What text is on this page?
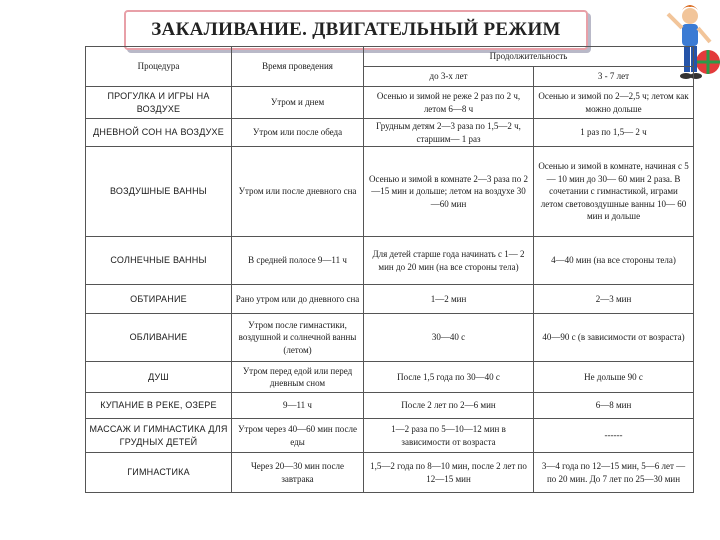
ЗАКАЛИВАНИЕ. ДВИГАТЕЛЬНЫЙ РЕЖИМ
Процедура	Время проведения	Продолжительность	
		до 3-х лет	3 - 7 лет
ПРОГУЛКА И ИГРЫ НА ВОЗДУХЕ	Утром и днем	Осенью и зимой не реже 2 раз по 2 ч, летом 6—8 ч	Осенью и зимой по 2—2,5 ч; летом как можно дольше
ДНЕВНОЙ СОН НА ВОЗДУХЕ	Утром или после обеда	Грудным детям 2—3 раза по 1,5—2 ч, старшим— 1 раз	1 раз по 1,5— 2 ч
ВОЗДУШНЫЕ ВАННЫ	Утром или после дневного сна	Осенью и зимой в комнате 2—3 раза по 2—15 мин и дольше; летом на воздухе 30—60 мин	Осенью и зимой в комнате, начиная с 5— 10 мин до 30— 60 мин 2 раза. В сочетании с гимнастикой, играми летом световоздушные ванны 10— 60 мин и дольше
СОЛНЕЧНЫЕ ВАННЫ	В средней полосе 9—11 ч	Для детей старше года начинать с 1— 2 мин до 20 мин (на все стороны тела)	4—40 мин (на все стороны тела)
ОБТИРАНИЕ	Рано утром или до дневного сна	1—2 мин	2—3 мин
ОБЛИВАНИЕ	Утром после гимнастики, воздушной и солнечной ванны (летом)	30—40 с	40—90 с (в зависимости от возраста)
ДУШ	Утром перед едой или перед дневным сном	После 1,5 года по 30—40 с	Не дольше 90 с
КУПАНИЕ В РЕКЕ, ОЗЕРЕ	9—11 ч	После 2 лет по 2—6 мин	6—8 мин
МАССАЖ И ГИМНАСТИКА ДЛЯ ГРУДНЫХ ДЕТЕЙ	Утром через 40—60 мин после еды	1—2 раза по 5—10—12 мин в зависимости от возраста	------
ГИМНАСТИКА	Через 20—30 мин после завтрака	1,5—2 года по 8—10 мин, после 2 лет по 12—15 мин	3—4 года по 12—15 мин, 5—6 лет — по 20 мин. До 7 лет по 25—30 мин
